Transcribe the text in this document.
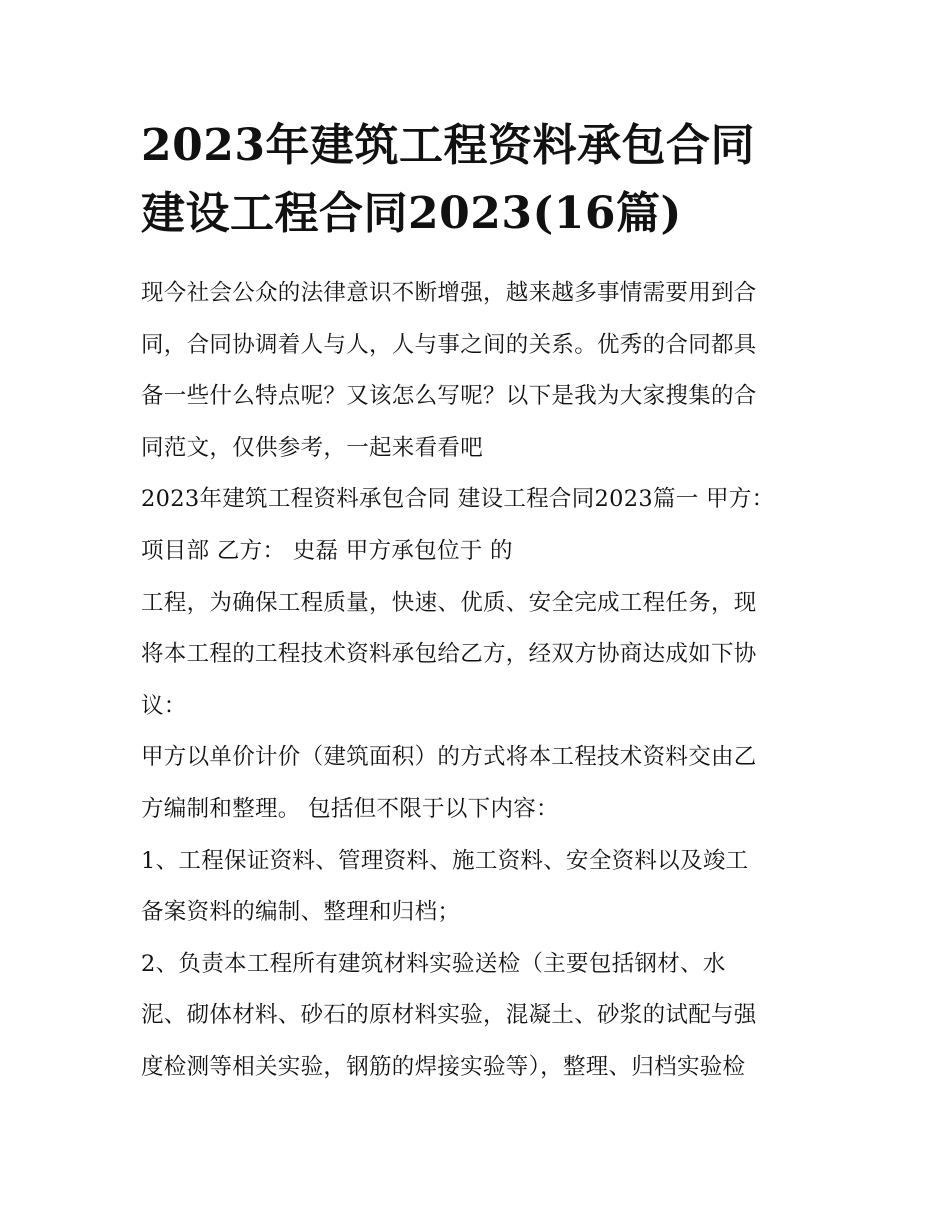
2023年建筑工程资料承包合同
建设工程合同2023(16篇)
现今社会公众的法律意识不断增强，越来越多事情需要用到合
同，合同协调着人与人，人与事之间的关系。优秀的合同都具
备一些什么特点呢？又该怎么写呢？以下是我为大家搜集的合
同范文，仅供参考，一起来看看吧
2023年建筑工程资料承包合同 建设工程合同2023篇一 甲方：
项目部 乙方： 史磊 甲方承包位于 的
工程，为确保工程质量，快速、优质、安全完成工程任务，现
将本工程的工程技术资料承包给乙方，经双方协商达成如下协
议：
甲方以单价计价（建筑面积）的方式将本工程技术资料交由乙
方编制和整理。 包括但不限于以下内容：
1、工程保证资料、管理资料、施工资料、安全资料以及竣工
备案资料的编制、整理和归档；
2、负责本工程所有建筑材料实验送检（主要包括钢材、水
泥、砌体材料、砂石的原材料实验，混凝土、砂浆的试配与强
度检测等相关实验，钢筋的焊接实验等），整理、归档实验检
